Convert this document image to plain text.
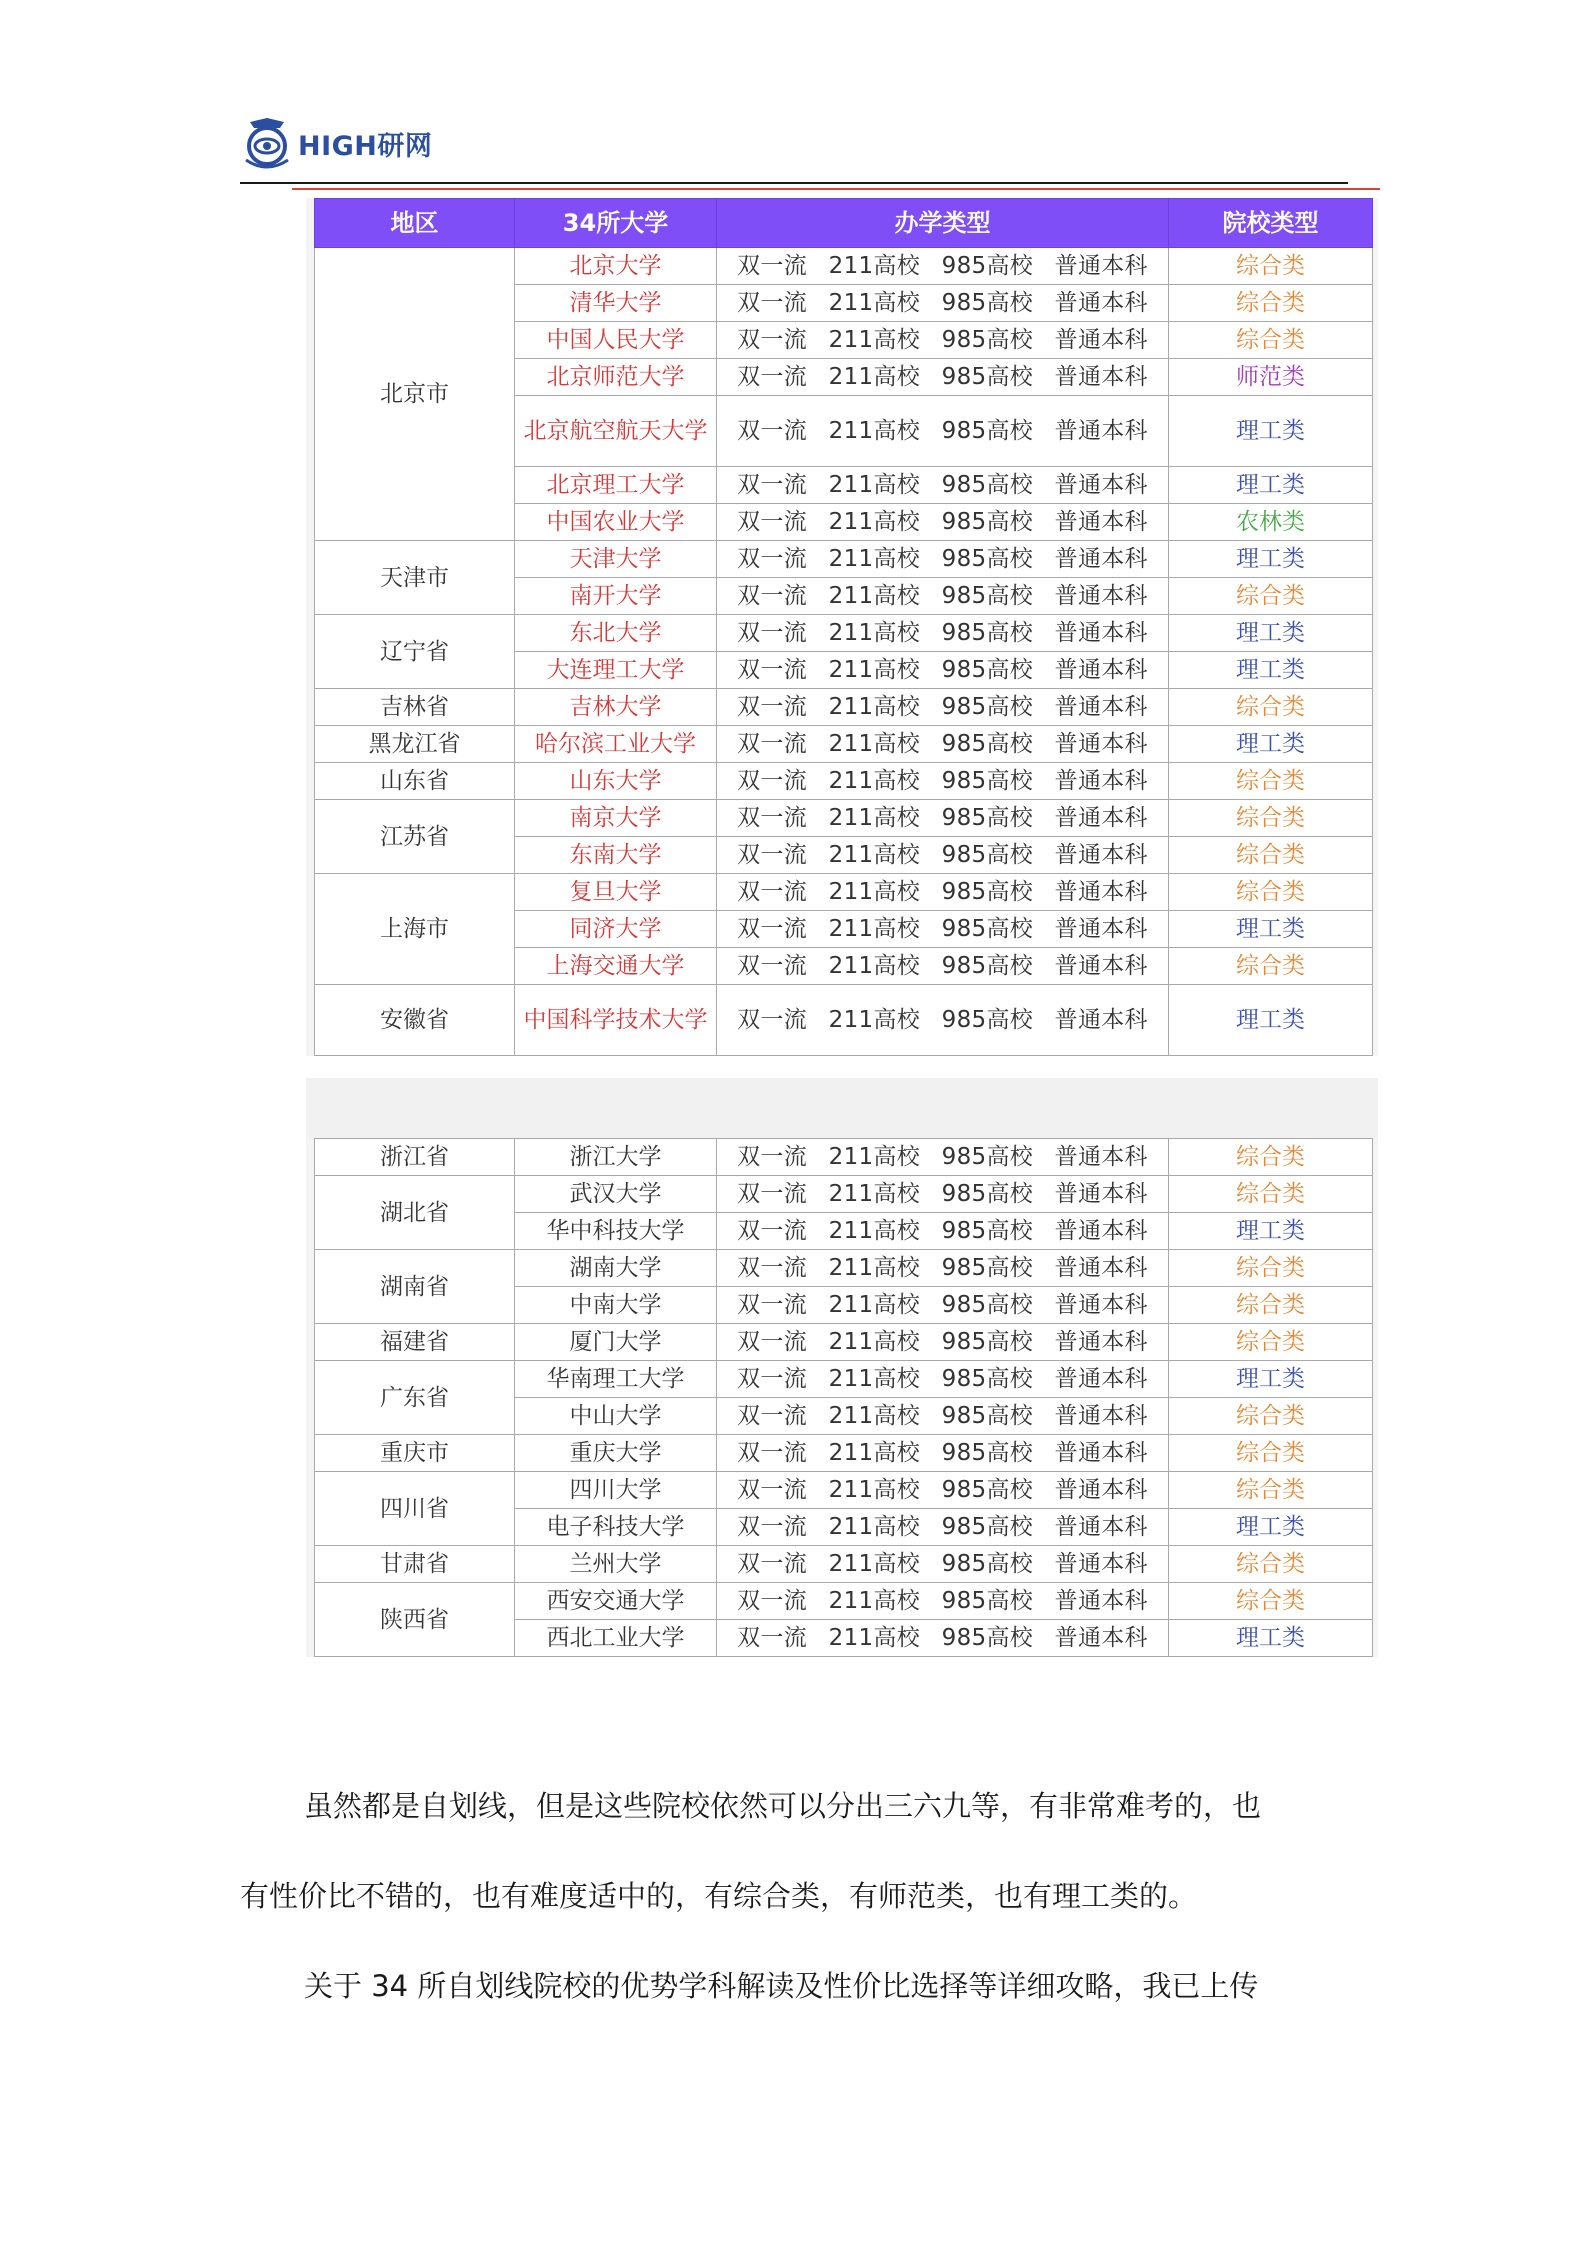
HIGH研网
地区	34所大学	办学类型	院校类型
北京市	北京大学	双一流 211高校 985高校 普通本科	综合类
	清华大学	双一流 211高校 985高校 普通本科	综合类
	中国人民大学	双一流 211高校 985高校 普通本科	综合类
	北京师范大学	双一流 211高校 985高校 普通本科	师范类
	北京航空航天大学	双一流 211高校 985高校 普通本科	理工类
	北京理工大学	双一流 211高校 985高校 普通本科	理工类
	中国农业大学	双一流 211高校 985高校 普通本科	农林类
天津市	天津大学	双一流 211高校 985高校 普通本科	理工类
	南开大学	双一流 211高校 985高校 普通本科	综合类
辽宁省	东北大学	双一流 211高校 985高校 普通本科	理工类
	大连理工大学	双一流 211高校 985高校 普通本科	理工类
吉林省	吉林大学	双一流 211高校 985高校 普通本科	综合类
黑龙江省	哈尔滨工业大学	双一流 211高校 985高校 普通本科	理工类
山东省	山东大学	双一流 211高校 985高校 普通本科	综合类
江苏省	南京大学	双一流 211高校 985高校 普通本科	综合类
	东南大学	双一流 211高校 985高校 普通本科	综合类
上海市	复旦大学	双一流 211高校 985高校 普通本科	综合类
	同济大学	双一流 211高校 985高校 普通本科	理工类
	上海交通大学	双一流 211高校 985高校 普通本科	综合类
安徽省	中国科学技术大学	双一流 211高校 985高校 普通本科	理工类
浙江省	浙江大学	双一流 211高校 985高校 普通本科	综合类
湖北省	武汉大学	双一流 211高校 985高校 普通本科	综合类
	华中科技大学	双一流 211高校 985高校 普通本科	理工类
湖南省	湖南大学	双一流 211高校 985高校 普通本科	综合类
	中南大学	双一流 211高校 985高校 普通本科	综合类
福建省	厦门大学	双一流 211高校 985高校 普通本科	综合类
广东省	华南理工大学	双一流 211高校 985高校 普通本科	理工类
	中山大学	双一流 211高校 985高校 普通本科	综合类
重庆市	重庆大学	双一流 211高校 985高校 普通本科	综合类
四川省	四川大学	双一流 211高校 985高校 普通本科	综合类
	电子科技大学	双一流 211高校 985高校 普通本科	理工类
甘肃省	兰州大学	双一流 211高校 985高校 普通本科	综合类
陕西省	西安交通大学	双一流 211高校 985高校 普通本科	综合类
	西北工业大学	双一流 211高校 985高校 普通本科	理工类
虽然都是自划线，但是这些院校依然可以分出三六九等，有非常难考的，也
有性价比不错的，也有难度适中的，有综合类，有师范类，也有理工类的。
关于 34 所自划线院校的优势学科解读及性价比选择等详细攻略，我已上传
